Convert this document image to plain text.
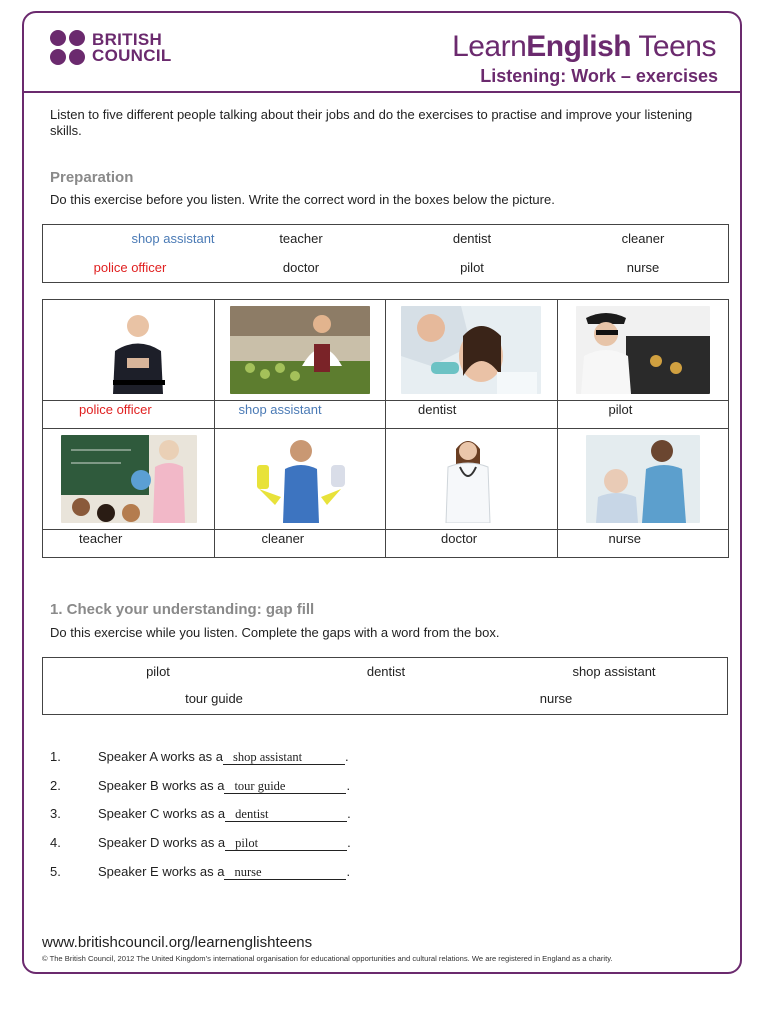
BRITISH
COUNCIL	LearnEnglish Teens
Listening: Work – exercises
Listen to five different people talking about their jobs and do the exercises to practise and improve your listening skills.
Preparation
Do this exercise before you listen. Write the correct word in the boxes below the picture.
shop assistant	teacher	dentist	cleaner
police officer	doctor	pilot	nurse

police officer	shop assistant	dentist	pilot

teacher	cleaner	doctor	nurse
1. Check your understanding: gap fill
Do this exercise while you listen. Complete the gaps with a word from the box.
pilot	dentist	shop assistant
tour guide	nurse
1.	Speaker A works as a shop assistant	.
2.	Speaker B works as a tour guide	.
3.	Speaker C works as a dentist	.
4.	Speaker D works as a pilot	.
5.	Speaker E works as a nurse	.
www.britishcouncil.org/learnenglishteens
© The British Council, 2012 The United Kingdom’s international organisation for educational opportunities and cultural relations. We are registered in England as a charity.
